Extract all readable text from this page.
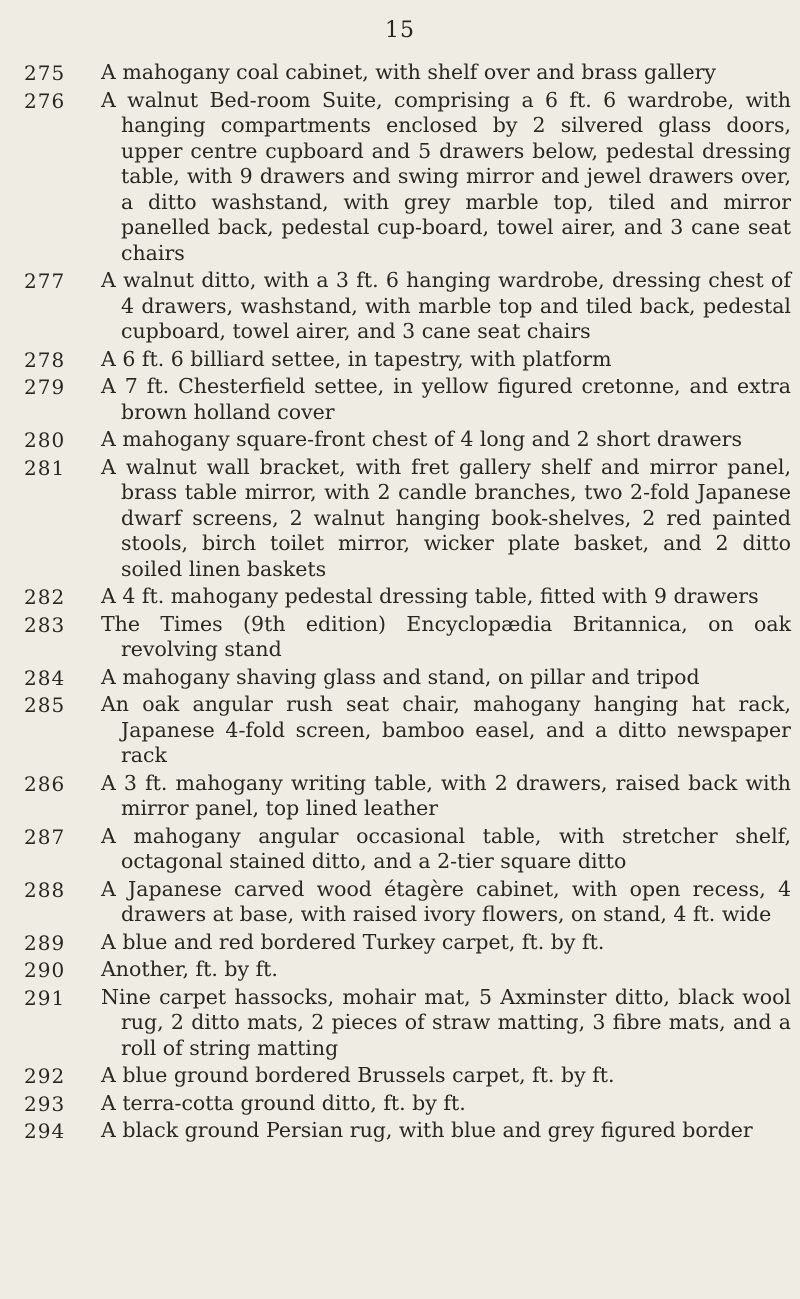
15
275	A mahogany coal cabinet, with shelf over and brass gallery
276	A walnut Bed-room Suite, comprising a 6 ft. 6 wardrobe, with hanging compartments enclosed by 2 silvered glass doors, upper centre cupboard and 5 drawers below, pedestal dressing table, with 9 drawers and swing mirror and jewel drawers over, a ditto washstand, with grey marble top, tiled and mirror panelled back, pedestal cup-board, towel airer, and 3 cane seat chairs
277	A walnut ditto, with a 3 ft. 6 hanging wardrobe, dressing chest of 4 drawers, washstand, with marble top and tiled back, pedestal cupboard, towel airer, and 3 cane seat chairs
278	A 6 ft. 6 billiard settee, in tapestry, with platform
279	A 7 ft. Chesterfield settee, in yellow figured cretonne, and extra brown holland cover
280	A mahogany square-front chest of 4 long and 2 short drawers
281	A walnut wall bracket, with fret gallery shelf and mirror panel, brass table mirror, with 2 candle branches, two 2-fold Japanese dwarf screens, 2 walnut hanging book-shelves, 2 red painted stools, birch toilet mirror, wicker plate basket, and 2 ditto soiled linen baskets
282	A 4 ft. mahogany pedestal dressing table, fitted with 9 drawers
283	The Times (9th edition) Encyclopædia Britannica, on oak revolving stand
284	A mahogany shaving glass and stand, on pillar and tripod
285	An oak angular rush seat chair, mahogany hanging hat rack, Japanese 4-fold screen, bamboo easel, and a ditto newspaper rack
286	A 3 ft. mahogany writing table, with 2 drawers, raised back with mirror panel, top lined leather
287	A mahogany angular occasional table, with stretcher shelf, octagonal stained ditto, and a 2-tier square ditto
288	A Japanese carved wood étagère cabinet, with open recess, 4 drawers at base, with raised ivory flowers, on stand, 4 ft. wide
289	A blue and red bordered Turkey carpet, ft. by ft.
290	Another, ft. by ft.
291	Nine carpet hassocks, mohair mat, 5 Axminster ditto, black wool rug, 2 ditto mats, 2 pieces of straw matting, 3 fibre mats, and a roll of string matting
292	A blue ground bordered Brussels carpet, ft. by ft.
293	A terra-cotta ground ditto, ft. by ft.
294	A black ground Persian rug, with blue and grey figured border
